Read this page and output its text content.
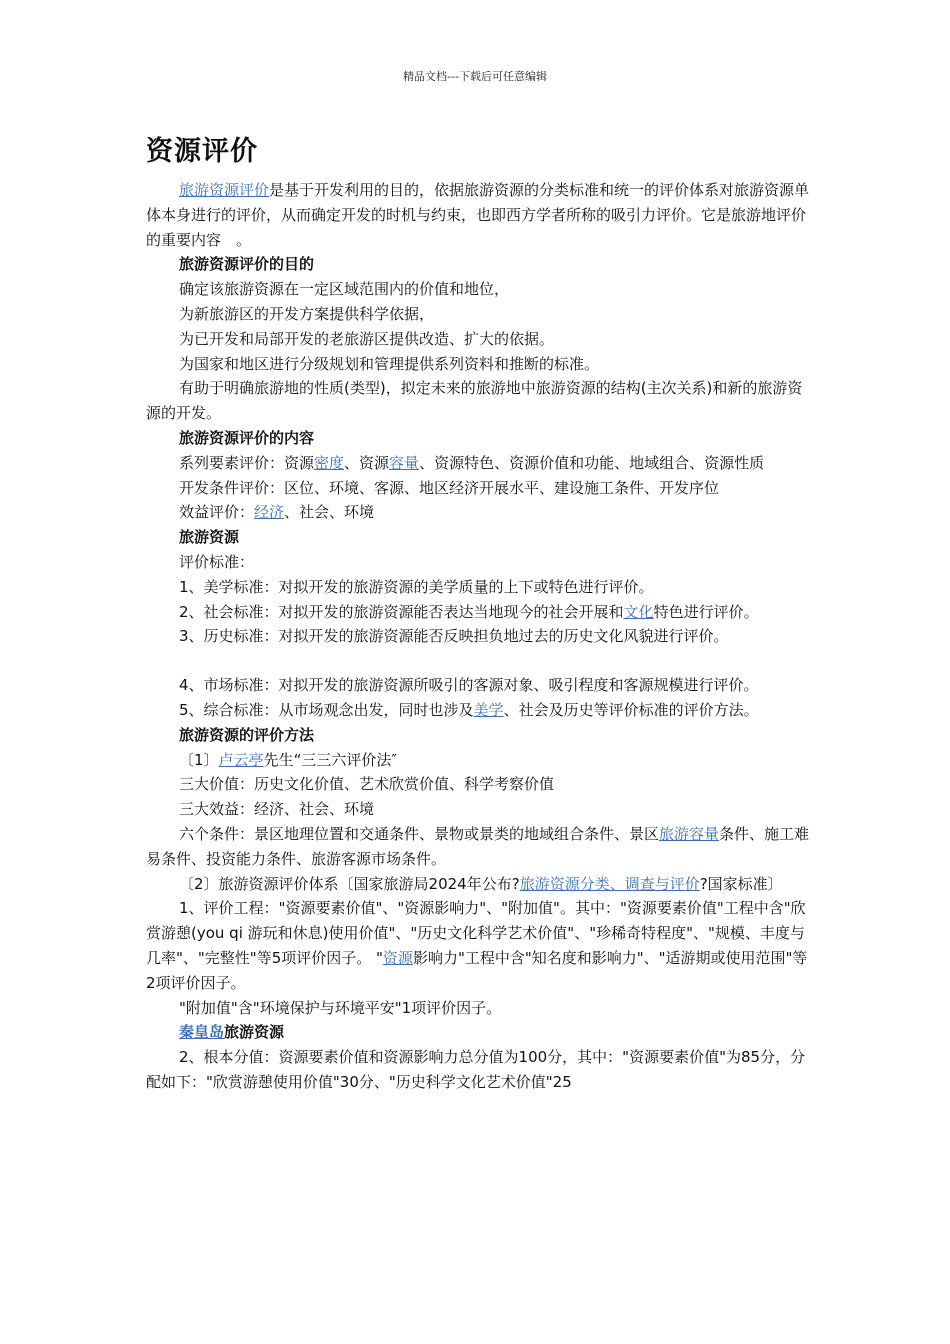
精品文档---下载后可任意编辑
资源评价

旅游资源评价是基于开发利用的目的，依据旅游资源的分类标准和统一的评价体系对旅游资源单体本身进行的评价，从而确定开发的时机与约束，也即西方学者所称的吸引力评价。它是旅游地评价的重要内容　。

旅游资源评价的目的

确定该旅游资源在一定区域范围内的价值和地位，

为新旅游区的开发方案提供科学依据，

为已开发和局部开发的老旅游区提供改造、扩大的依据。

为国家和地区进行分级规划和管理提供系列资料和推断的标准。

有助于明确旅游地的性质(类型)，拟定未来的旅游地中旅游资源的结构(主次关系)和新的旅游资源的开发。

旅游资源评价的内容

系列要素评价：资源密度、资源容量、资源特色、资源价值和功能、地域组合、资源性质

开发条件评价：区位、环境、客源、地区经济开展水平、建设施工条件、开发序位

效益评价：经济、社会、环境

旅游资源

评价标准：

1、美学标准：对拟开发的旅游资源的美学质量的上下或特色进行评价。

2、社会标准：对拟开发的旅游资源能否表达当地现今的社会开展和文化特色进行评价。

3、历史标准：对拟开发的旅游资源能否反映担负地过去的历史文化风貌进行评价。

4、市场标准：对拟开发的旅游资源所吸引的客源对象、吸引程度和客源规模进行评价。

5、综合标准：从市场观念出发，同时也涉及美学、社会及历史等评价标准的评价方法。

旅游资源的评价方法

〔1〕卢云亭先生“三三六评价法″

三大价值：历史文化价值、艺术欣赏价值、科学考察价值

三大效益：经济、社会、环境

六个条件：景区地理位置和交通条件、景物或景类的地域组合条件、景区旅游容量条件、施工难易条件、投资能力条件、旅游客源市场条件。

〔2〕旅游资源评价体系〔国家旅游局2024年公布?旅游资源分类、调查与评价?国家标准〕

1、评价工程："资源要素价值"、"资源影响力"、"附加值"。其中："资源要素价值"工程中含"欣赏游憩(you qi 游玩和休息)使用价值"、"历史文化科学艺术价值"、"珍稀奇特程度"、"规模、丰度与几率"、"完整性"等5项评价因子。 "资源影响力"工程中含"知名度和影响力"、"适游期或使用范围"等2项评价因子。

"附加值"含"环境保护与环境平安"1项评价因子。

秦皇岛旅游资源

2、根本分值：资源要素价值和资源影响力总分值为100分，其中："资源要素价值"为85分，分配如下："欣赏游憩使用价值"30分、"历史科学文化艺术价值"25
